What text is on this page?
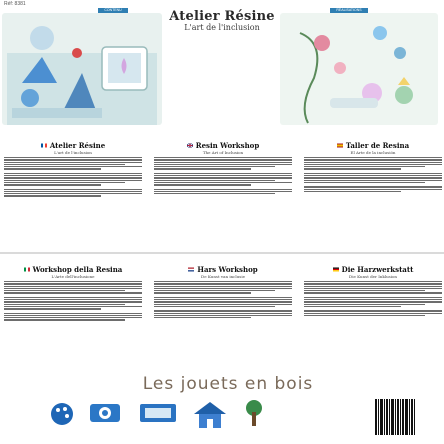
Réf: 8381
CONTENU	RÉALISATIONS
Atelier Résine
L'art de l'inclusion
Atelier Résine
L'art de l'inclusion
Resin Workshop
The Art of Inclusion
Taller de Resina
El Arte de la inclusión
Workshop della Resina
L'Arte dell'inclusione
Hars Workshop
De Kunst van inclusie
Die Harzwerkstatt
Die Kunst der Inklusion
Les jouets en bois
